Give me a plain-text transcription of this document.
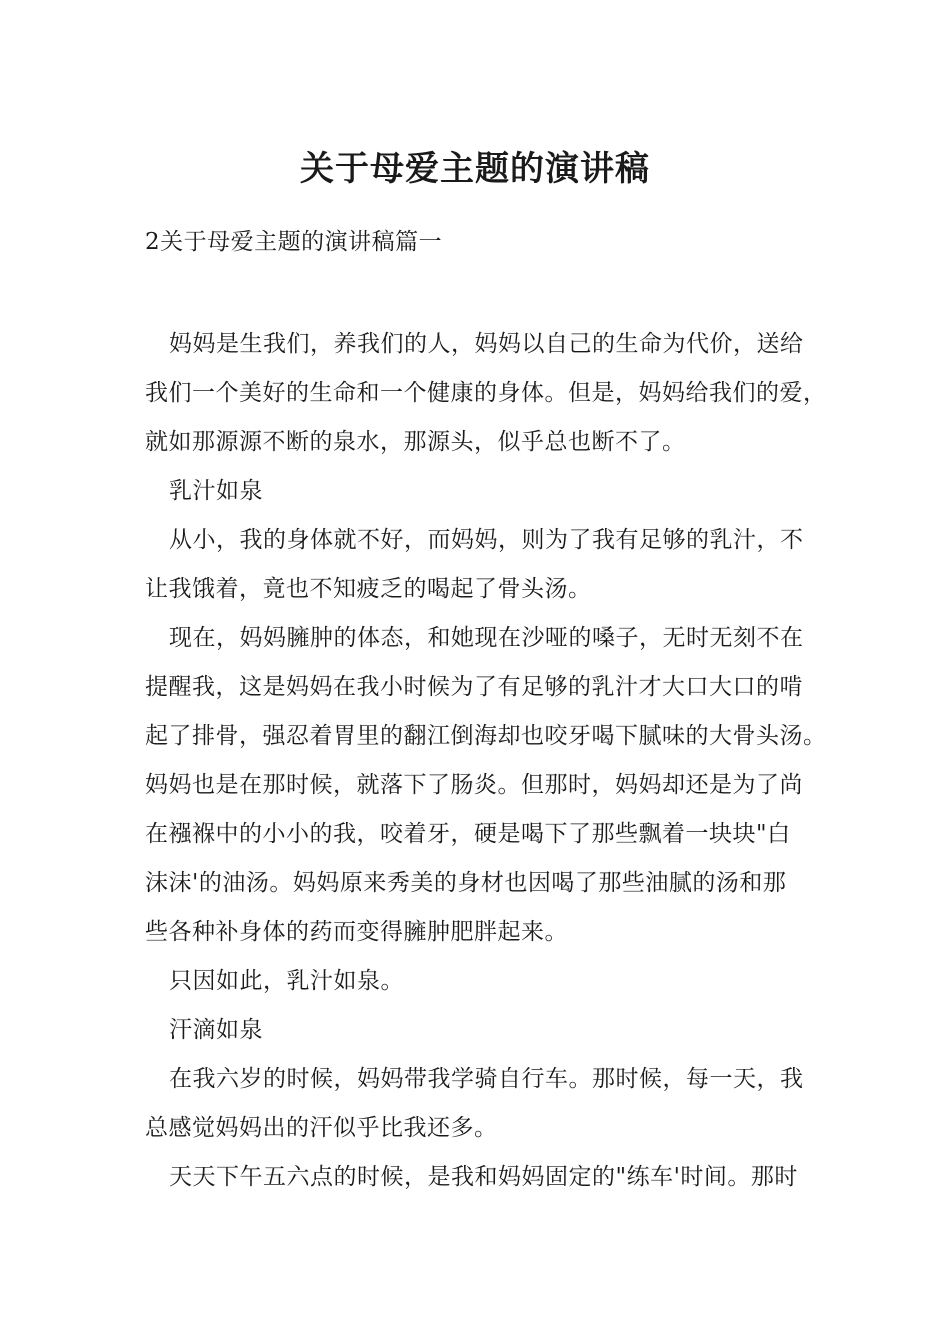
关于母爱主题的演讲稿
2关于母爱主题的演讲稿篇一
妈妈是生我们，养我们的人，妈妈以自己的生命为代价，送给
我们一个美好的生命和一个健康的身体。但是，妈妈给我们的爱，
就如那源源不断的泉水，那源头，似乎总也断不了。
乳汁如泉
从小，我的身体就不好，而妈妈，则为了我有足够的乳汁，不
让我饿着，竟也不知疲乏的喝起了骨头汤。
现在，妈妈臃肿的体态，和她现在沙哑的嗓子，无时无刻不在
提醒我，这是妈妈在我小时候为了有足够的乳汁才大口大口的啃
起了排骨，强忍着胃里的翻江倒海却也咬牙喝下腻味的大骨头汤。
妈妈也是在那时候，就落下了肠炎。但那时，妈妈却还是为了尚
在襁褓中的小小的我，咬着牙，硬是喝下了那些飘着一块块"白
沫沫'的油汤。妈妈原来秀美的身材也因喝了那些油腻的汤和那
些各种补身体的药而变得臃肿肥胖起来。
只因如此，乳汁如泉。
汗滴如泉
在我六岁的时候，妈妈带我学骑自行车。那时候，每一天，我
总感觉妈妈出的汗似乎比我还多。
天天下午五六点的时候，是我和妈妈固定的"练车'时间。那时
